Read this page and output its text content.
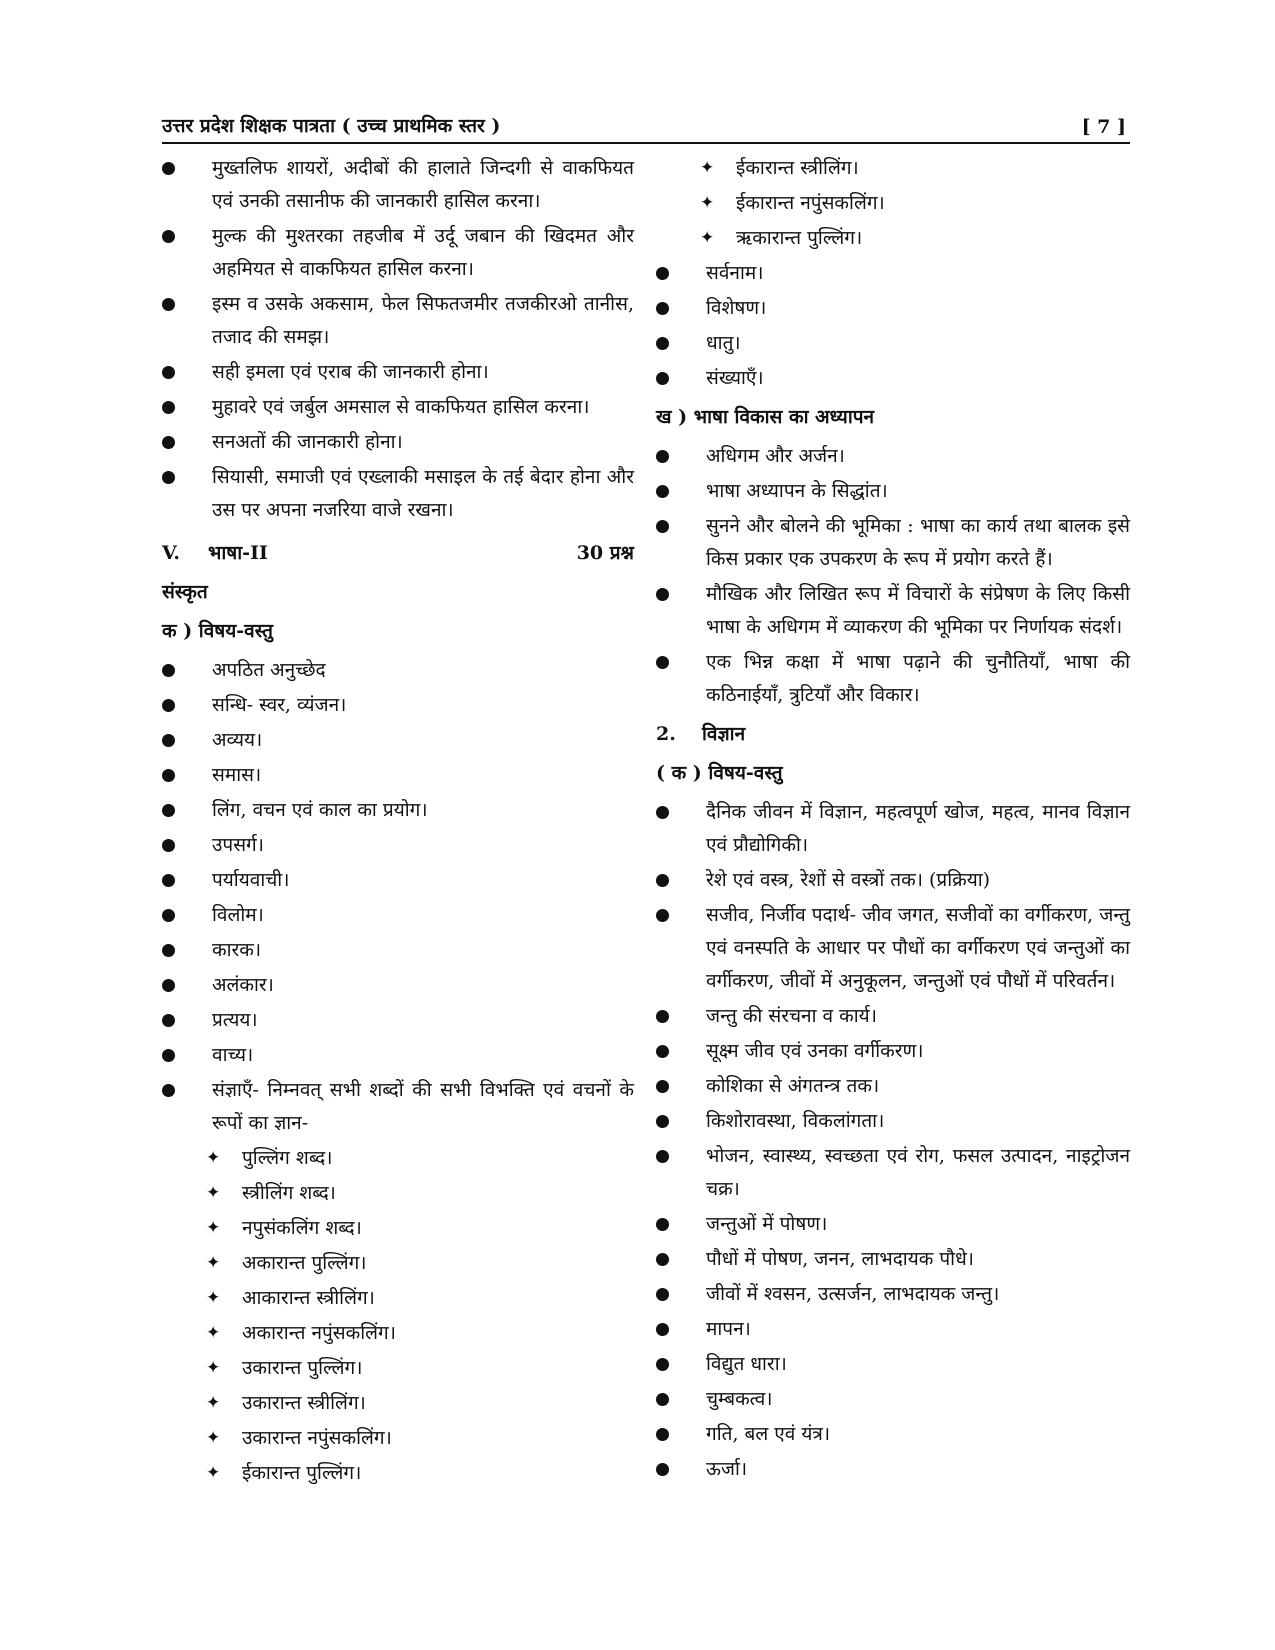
उत्तर प्रदेश शिक्षक पात्रता ( उच्च प्राथमिक स्तर )	[ 7 ]
मुख्तलिफ शायरों, अदीबों की हालाते जिन्दगी से वाकफियत एवं उनकी तसानीफ की जानकारी हासिल करना।
मुल्क की मुश्तरका तहजीब में उर्दू जबान की खिदमत और अहमियत से वाकफियत हासिल करना।
इस्म व उसके अकसाम, फेल सिफतजमीर तजकीरओ तानीस, तजाद की समझ।
सही इमला एवं एराब की जानकारी होना।
मुहावरे एवं जर्बुल अमसाल से वाकफियत हासिल करना।
सनअतों की जानकारी होना।
सियासी, समाजी एवं एख्लाकी मसाइल के तई बेदार होना और उस पर अपना नजरिया वाजे रखना।
V. भाषा-II	30 प्रश्न
संस्कृत
क ) विषय-वस्तु
अपठित अनुच्छेद
सन्धि- स्वर, व्यंजन।
अव्यय।
समास।
लिंग, वचन एवं काल का प्रयोग।
उपसर्ग।
पर्यायवाची।
विलोम।
कारक।
अलंकार।
प्रत्यय।
वाच्य।
संज्ञाएँ- निम्नवत् सभी शब्दों की सभी विभक्ति एवं वचनों के रूपों का ज्ञान-
✦ पुल्लिंग शब्द।
✦ स्त्रीलिंग शब्द।
✦ नपुसंकलिंग शब्द।
✦ अकारान्त पुल्लिंग।
✦ आकारान्त स्त्रीलिंग।
✦ अकारान्त नपुंसकलिंग।
✦ उकारान्त पुल्लिंग।
✦ उकारान्त स्त्रीलिंग।
✦ उकारान्त नपुंसकलिंग।
✦ ईकारान्त पुल्लिंग।
✦ ईकारान्त स्त्रीलिंग।
✦ ईकारान्त नपुंसकलिंग।
✦ ऋकारान्त पुल्लिंग।
सर्वनाम।
विशेषण।
धातु।
संख्याएँ।
ख ) भाषा विकास का अध्यापन
अधिगम और अर्जन।
भाषा अध्यापन के सिद्धांत।
सुनने और बोलने की भूमिका : भाषा का कार्य तथा बालक इसे किस प्रकार एक उपकरण के रूप में प्रयोग करते हैं।
मौखिक और लिखित रूप में विचारों के संप्रेषण के लिए किसी भाषा के अधिगम में व्याकरण की भूमिका पर निर्णायक संदर्श।
एक भिन्न कक्षा में भाषा पढ़ाने की चुनौतियाँ, भाषा की कठिनाईयाँ, त्रुटियाँ और विकार।
2. विज्ञान
( क ) विषय-वस्तु
दैनिक जीवन में विज्ञान, महत्वपूर्ण खोज, महत्व, मानव विज्ञान एवं प्रौद्योगिकी।
रेशे एवं वस्त्र, रेशों से वस्त्रों तक। (प्रक्रिया)
सजीव, निर्जीव पदार्थ- जीव जगत, सजीवों का वर्गीकरण, जन्तु एवं वनस्पति के आधार पर पौधों का वर्गीकरण एवं जन्तुओं का वर्गीकरण, जीवों में अनुकूलन, जन्तुओं एवं पौधों में परिवर्तन।
जन्तु की संरचना व कार्य।
सूक्ष्म जीव एवं उनका वर्गीकरण।
कोशिका से अंगतन्त्र तक।
किशोरावस्था, विकलांगता।
भोजन, स्वास्थ्य, स्वच्छता एवं रोग, फसल उत्पादन, नाइट्रोजन चक्र।
जन्तुओं में पोषण।
पौधों में पोषण, जनन, लाभदायक पौधे।
जीवों में श्वसन, उत्सर्जन, लाभदायक जन्तु।
मापन।
विद्युत धारा।
चुम्बकत्व।
गति, बल एवं यंत्र।
ऊर्जा।
